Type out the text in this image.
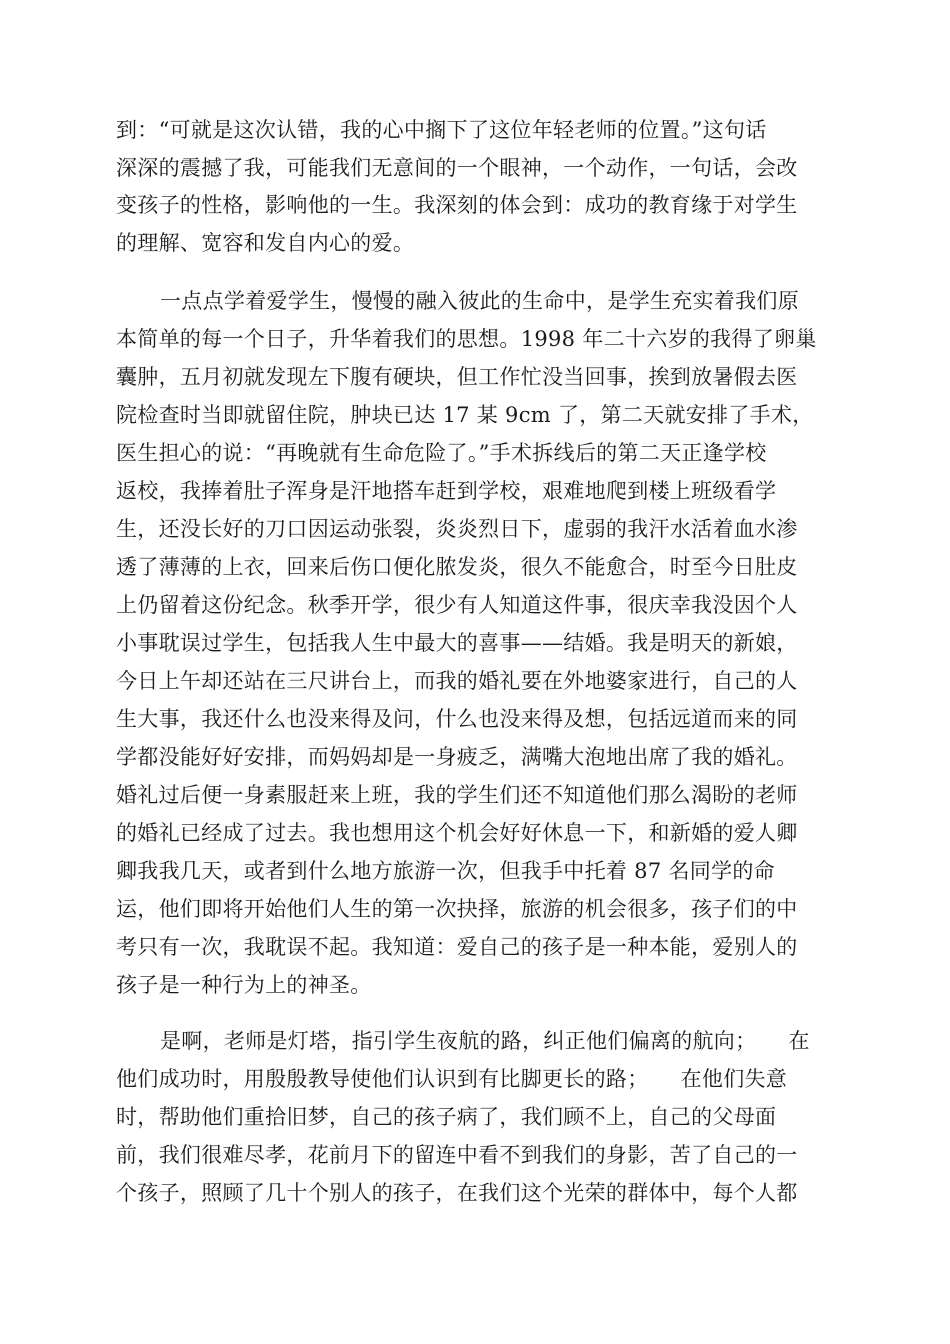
到：“可就是这次认错，我的心中搁下了这位年轻老师的位置。”这句话
深深的震撼了我，可能我们无意间的一个眼神，一个动作，一句话，会改
变孩子的性格，影响他的一生。我深刻的体会到：成功的教育缘于对学生
的理解、宽容和发自内心的爱。
一点点学着爱学生，慢慢的融入彼此的生命中，是学生充实着我们原
本简单的每一个日子，升华着我们的思想。1998 年二十六岁的我得了卵巢
囊肿，五月初就发现左下腹有硬块，但工作忙没当回事，挨到放暑假去医
院检查时当即就留住院，肿块已达 17 某 9cm 了，第二天就安排了手术，
医生担心的说：“再晚就有生命危险了。”手术拆线后的第二天正逢学校
返校，我捧着肚子浑身是汗地搭车赶到学校，艰难地爬到楼上班级看学
生，还没长好的刀口因运动张裂，炎炎烈日下，虚弱的我汗水活着血水渗
透了薄薄的上衣，回来后伤口便化脓发炎，很久不能愈合，时至今日肚皮
上仍留着这份纪念。秋季开学，很少有人知道这件事，很庆幸我没因个人
小事耽误过学生，包括我人生中最大的喜事——结婚。我是明天的新娘，
今日上午却还站在三尺讲台上，而我的婚礼要在外地婆家进行，自己的人
生大事，我还什么也没来得及问，什么也没来得及想，包括远道而来的同
学都没能好好安排，而妈妈却是一身疲乏，满嘴大泡地出席了我的婚礼。
婚礼过后便一身素服赶来上班，我的学生们还不知道他们那么渴盼的老师
的婚礼已经成了过去。我也想用这个机会好好休息一下，和新婚的爱人卿
卿我我几天，或者到什么地方旅游一次，但我手中托着 87 名同学的命
运，他们即将开始他们人生的第一次抉择，旅游的机会很多，孩子们的中
考只有一次，我耽误不起。我知道：爱自己的孩子是一种本能，爱别人的
孩子是一种行为上的神圣。
是啊，老师是灯塔，指引学生夜航的路，纠正他们偏离的航向；　　在
他们成功时，用殷殷教导使他们认识到有比脚更长的路；　　在他们失意
时，帮助他们重拾旧梦，自己的孩子病了，我们顾不上，自己的父母面
前，我们很难尽孝，花前月下的留连中看不到我们的身影，苦了自己的一
个孩子，照顾了几十个别人的孩子，在我们这个光荣的群体中，每个人都
